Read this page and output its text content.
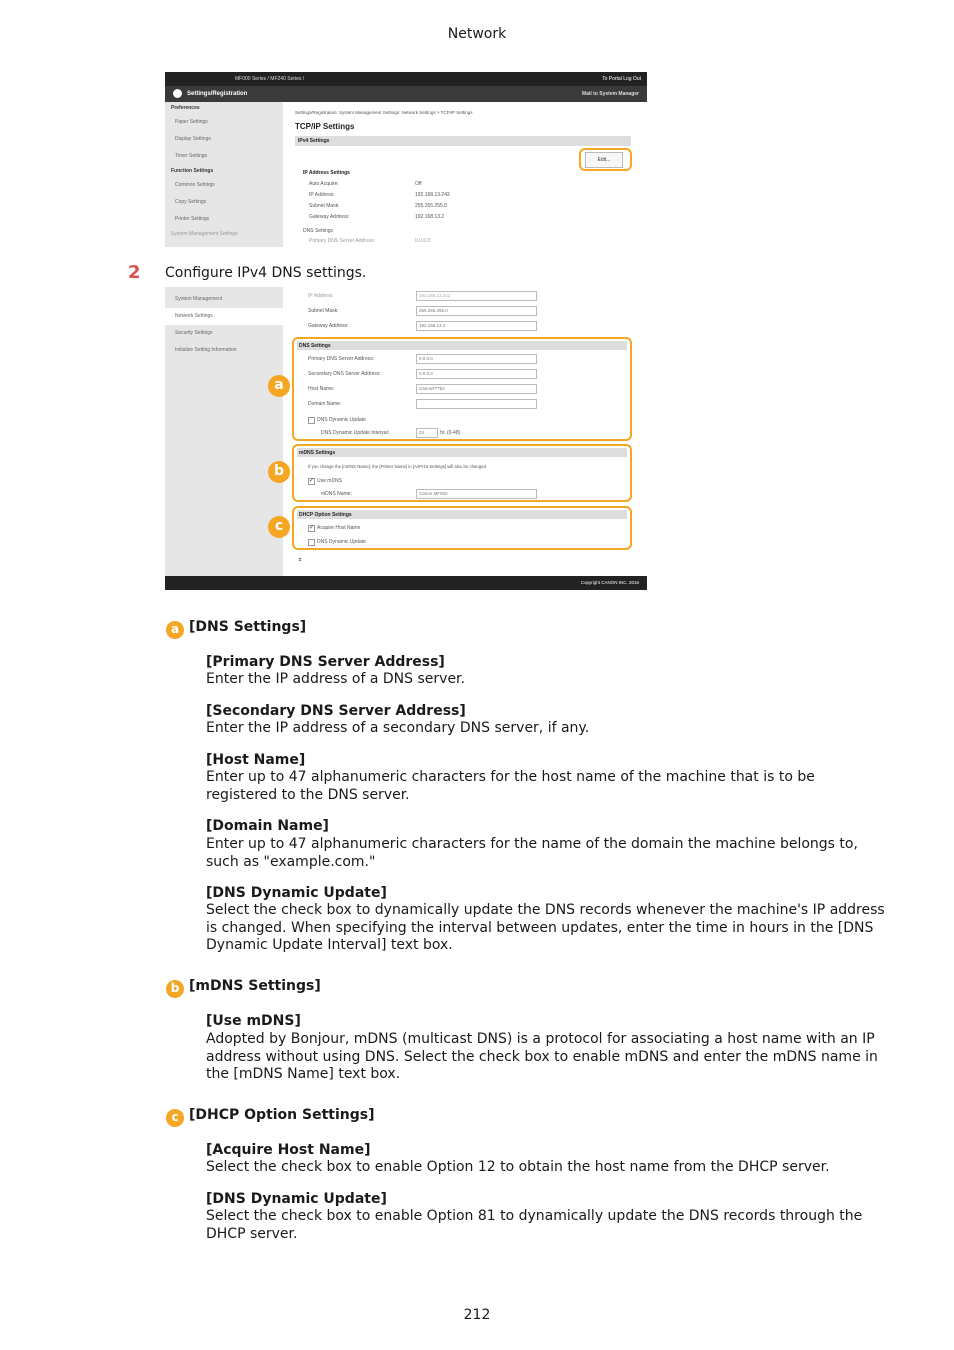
Network
MF000 Series / MF240 Series /	To Portal Log Out
Settings/Registration	Mail to System Manager
Preferences
Paper Settings
Display Settings
Timer Settings
Function Settings
Common Settings
Copy Settings
Printer Settings
System Management Settings
Settings/Registration: System Management Settings: Network Settings > TCP/IP Settings
TCP/IP Settings
IPv4 Settings
Edit...
IP Address Settings
Auto Acquire:	Off
IP Address:	192.168.13.242
Subnet Mask:	255.255.255.0
Gateway Address:	192.168.13.2
DNS Settings
Primary DNS Server Address:	0.0.0.0
2 Configure IPv4 DNS settings.
System Management
Network Settings
Security Settings
Initialize Setting Information
IP Address:	192.168.13.242
Subnet Mask:	255.255.255.0
Gateway Address:	192.168.13.2
DNS Settings
Primary DNS Server Address:	0.0.0.0
Secondary DNS Server Address:	0.0.0.0
Host Name:	Canon#77b2
Domain Name:
DNS Dynamic Update
DNS Dynamic Update Interval:	24	hr. (0-48)
mDNS Settings
If you change the [mDNS Name], the [Printer Name] in [AirPrint Settings] will also be changed.
✓ Use mDNS
mDNS Name:	Canon MF000
DHCP Option Settings
✓ Acquire Host Name
DNS Dynamic Update
⌅
a
b
c
Copyright CANON INC. 2016
a [DNS Settings]
[Primary DNS Server Address]
Enter the IP address of a DNS server.
[Secondary DNS Server Address]
Enter the IP address of a secondary DNS server, if any.
[Host Name]
Enter up to 47 alphanumeric characters for the host name of the machine that is to be registered to the DNS server.
[Domain Name]
Enter up to 47 alphanumeric characters for the name of the domain the machine belongs to, such as "example.com."
[DNS Dynamic Update]
Select the check box to dynamically update the DNS records whenever the machine's IP address is changed. When specifying the interval between updates, enter the time in hours in the [DNS Dynamic Update Interval] text box.
b [mDNS Settings]
[Use mDNS]
Adopted by Bonjour, mDNS (multicast DNS) is a protocol for associating a host name with an IP address without using DNS. Select the check box to enable mDNS and enter the mDNS name in the [mDNS Name] text box.
c [DHCP Option Settings]
[Acquire Host Name]
Select the check box to enable Option 12 to obtain the host name from the DHCP server.
[DNS Dynamic Update]
Select the check box to enable Option 81 to dynamically update the DNS records through the DHCP server.
212
